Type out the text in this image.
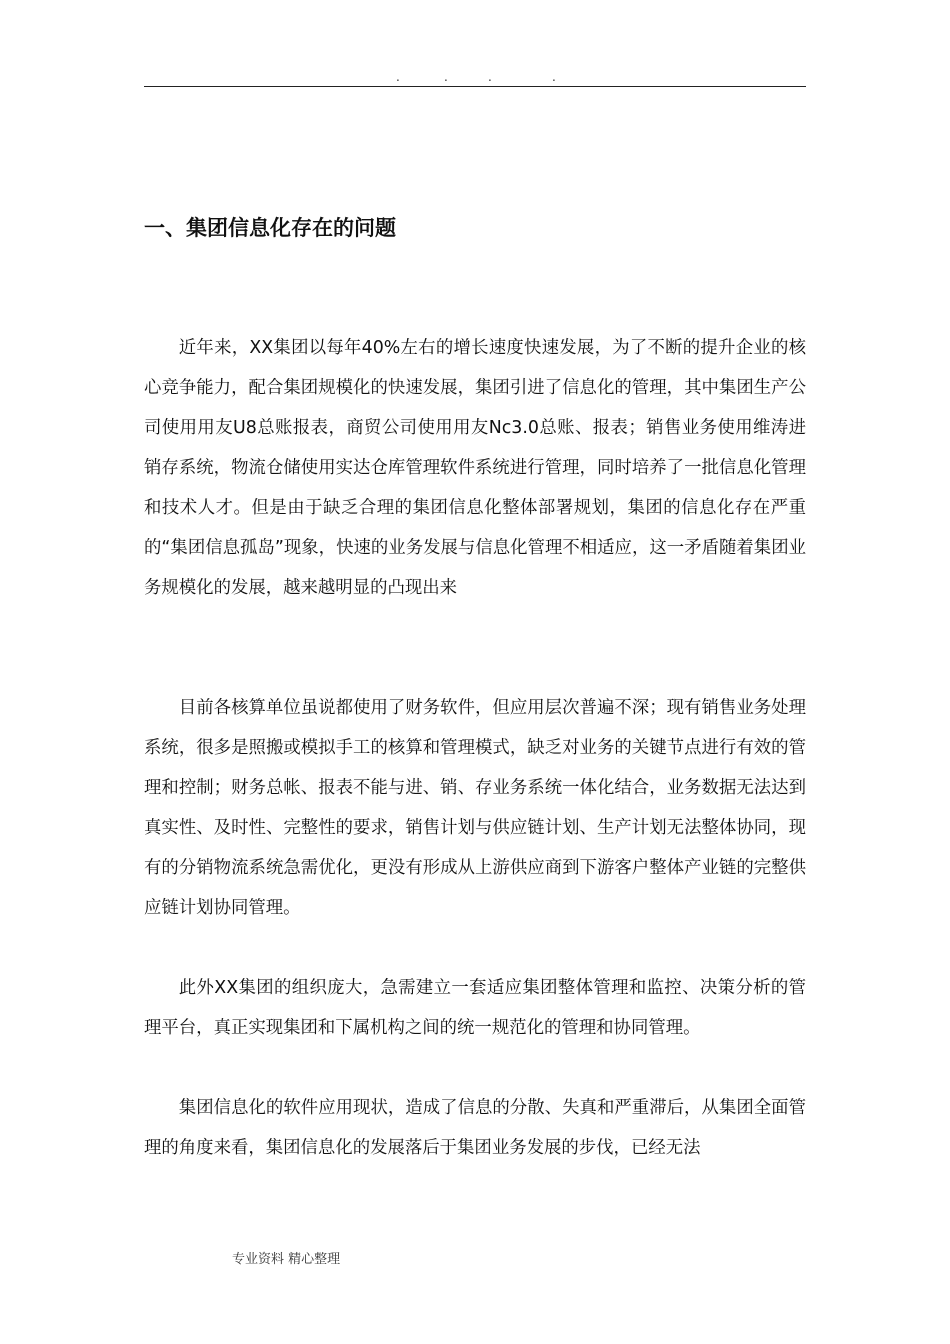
.	.	.	.
一、集团信息化存在的问题

近年来，XX集团以每年40%左右的增长速度快速发展，为了不断的提升企业的核心竞争能力，配合集团规模化的快速发展，集团引进了信息化的管理，其中集团生产公司使用用友U8总账报表，商贸公司使用用友Nc3.0总账、报表；销售业务使用维涛进销存系统，物流仓储使用实达仓库管理软件系统进行管理，同时培养了一批信息化管理和技术人才。但是由于缺乏合理的集团信息化整体部署规划，集团的信息化存在严重的“集团信息孤岛”现象，快速的业务发展与信息化管理不相适应，这一矛盾随着集团业务规模化的发展，越来越明显的凸现出来

目前各核算单位虽说都使用了财务软件，但应用层次普遍不深；现有销售业务处理系统，很多是照搬或模拟手工的核算和管理模式，缺乏对业务的关键节点进行有效的管理和控制；财务总帐、报表不能与进、销、存业务系统一体化结合，业务数据无法达到真实性、及时性、完整性的要求，销售计划与供应链计划、生产计划无法整体协同，现有的分销物流系统急需优化，更没有形成从上游供应商到下游客户整体产业链的完整供应链计划协同管理。

此外XX集团的组织庞大，急需建立一套适应集团整体管理和监控、决策分析的管理平台，真正实现集团和下属机构之间的统一规范化的管理和协同管理。

集团信息化的软件应用现状，造成了信息的分散、失真和严重滞后，从集团全面管理的角度来看，集团信息化的发展落后于集团业务发展的步伐，已经无法

专业资料 精心整理
